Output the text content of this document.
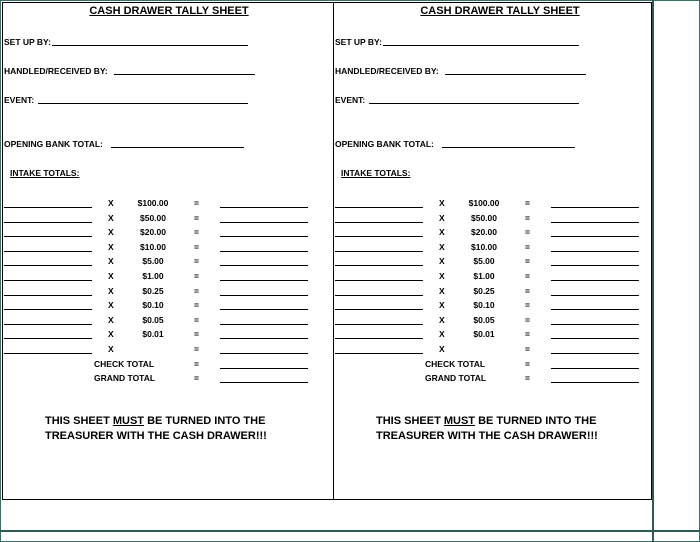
CASH DRAWER TALLY SHEET
SET UP BY:
HANDLED/RECEIVED BY:
EVENT:
OPENING BANK TOTAL:
INTAKE TOTALS:
X	$100.00	=
X	$50.00	=
X	$20.00	=
X	$10.00	=
X	$5.00	=
X	$1.00	=
X	$0.25	=
X	$0.10	=
X	$0.05	=
X	$0.01	=
X	=
CHECK TOTAL	=
GRAND TOTAL	=
THIS SHEET MUST BE TURNED INTO THE
TREASURER WITH THE CASH DRAWER!!!
CASH DRAWER TALLY SHEET
SET UP BY:
HANDLED/RECEIVED BY:
EVENT:
OPENING BANK TOTAL:
INTAKE TOTALS:
X	$100.00	=
X	$50.00	=
X	$20.00	=
X	$10.00	=
X	$5.00	=
X	$1.00	=
X	$0.25	=
X	$0.10	=
X	$0.05	=
X	$0.01	=
X	=
CHECK TOTAL	=
GRAND TOTAL	=
THIS SHEET MUST BE TURNED INTO THE
TREASURER WITH THE CASH DRAWER!!!
